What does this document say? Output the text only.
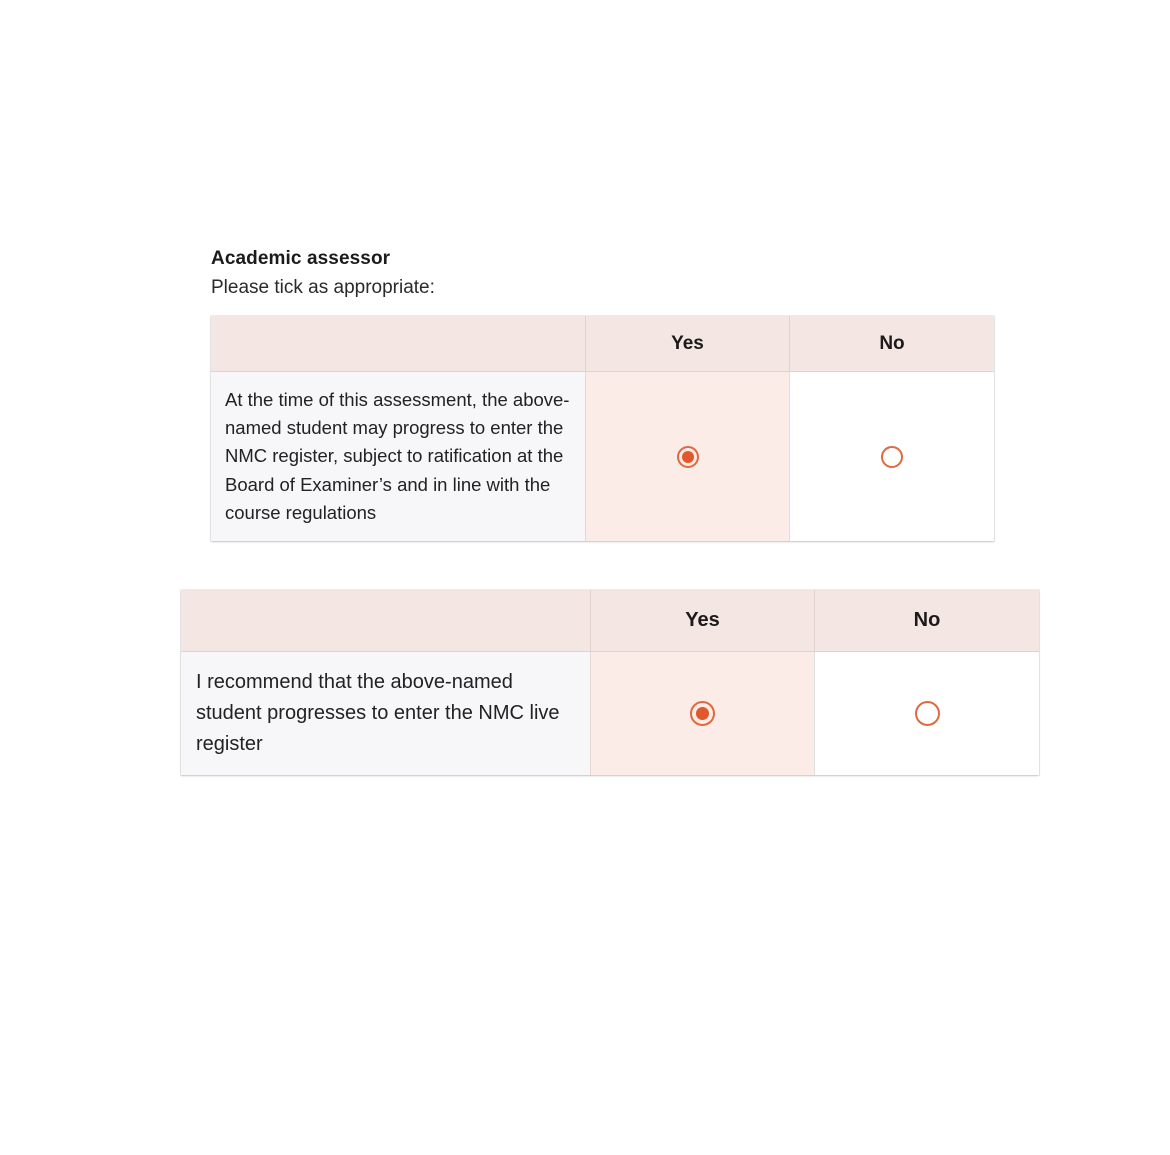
Academic assessor
Please tick as appropriate:
Yes	No
At the time of this assessment, the above-named student may progress to enter the NMC register, subject to ratification at the Board of Examiner’s and in line with the course regulations
Yes	No
I recommend that the above-named student progresses to enter the NMC live register
